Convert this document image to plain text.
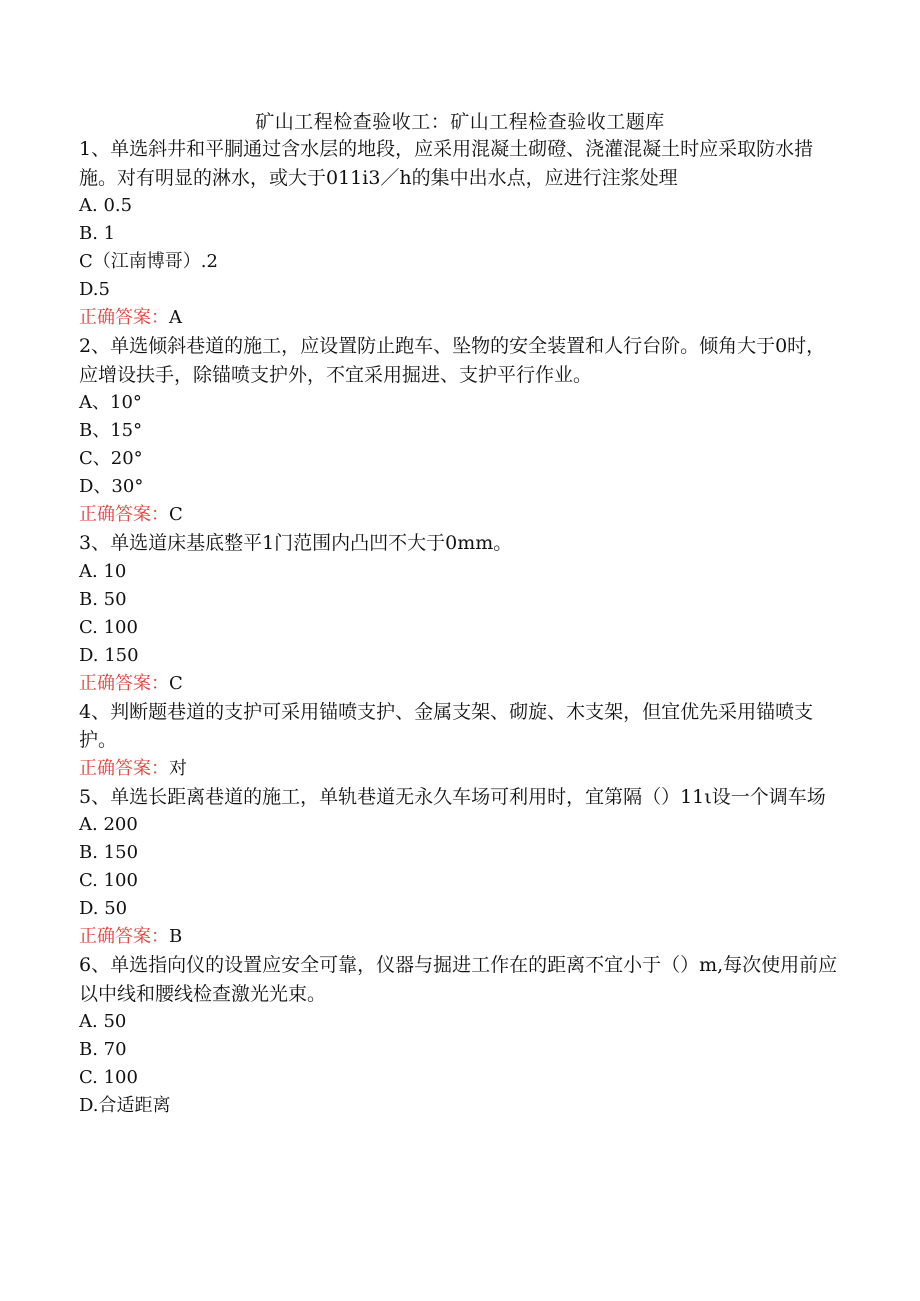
矿山工程检查验收工：矿山工程检查验收工题库

1、单选斜井和平胴通过含水层的地段，应采用混凝土砌磴、浇灌混凝土时应采取防水措施。对有明显的淋水，或大于011i3／h的集中出水点，应进行注浆处理

A. 0.5

B. 1

C（江南博哥）.2

D.5

正确答案：A

2、单选倾斜巷道的施工，应设置防止跑车、坠物的安全装置和人行台阶。倾角大于0时，应增设扶手，除锚喷支护外，不宜采用掘进、支护平行作业。

A、10°

B、15°

C、20°

D、30°

正确答案：C

3、单选道床基底整平1门范围内凸凹不大于0mm。

A. 10

B. 50

C. 100

D. 150

正确答案：C

4、判断题巷道的支护可采用锚喷支护、金属支架、砌旋、木支架，但宜优先采用锚喷支护。

正确答案：对

5、单选长距离巷道的施工，单轨巷道无永久车场可利用时，宜第隔（）11ι设一个调车场

A. 200

B. 150

C. 100

D. 50

正确答案：B

6、单选指向仪的设置应安全可靠，仪器与掘进工作在的距离不宜小于（）m,每次使用前应以中线和腰线检查激光光束。

A. 50

B. 70

C. 100

D.合适距离
